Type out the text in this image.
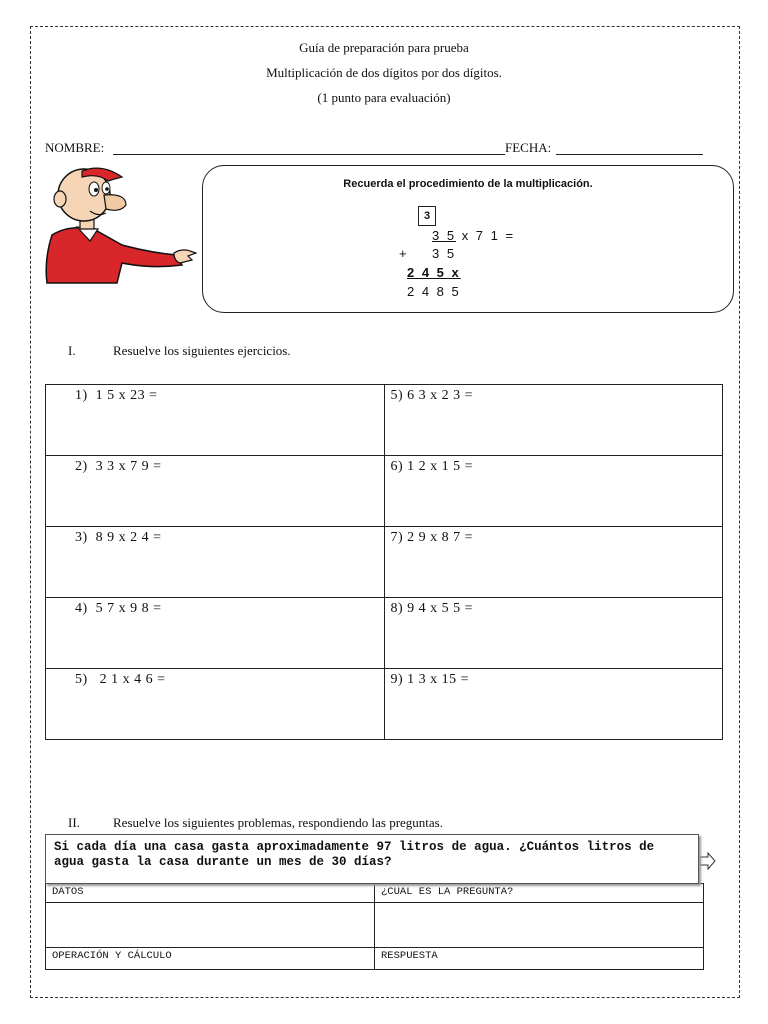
Guía de preparación para prueba
Multiplicación de dos dígitos por dos dígitos.
(1 punto para evaluación)
NOMBRE:	FECHA:
Recuerda el procedimiento de la multiplicación.
3
3 5 x 7 1 =
+ 3 5
2 4 5 x
2 4 8 5
I.	Resuelve los siguientes ejercicios.
1)  1 5 x 23 =	5) 6 3 x 2 3 =
2)  3 3 x 7 9 =	6) 1 2 x 1 5 =
3)  8 9 x 2 4 =	7) 2 9 x 8 7 =
4)  5 7 x 9 8 =	8) 9 4 x 5 5 =
5)   2 1 x 4 6 =	9) 1 3 x 15 =
II.	Resuelve los siguientes problemas, respondiendo las preguntas.
Si cada día una casa gasta aproximadamente 97 litros de agua. ¿Cuántos litros de
agua gasta la casa durante un mes de 30 días?
DATOS	¿CUAL ES LA PREGUNTA?

OPERACIÓN Y CÁLCULO	RESPUESTA
